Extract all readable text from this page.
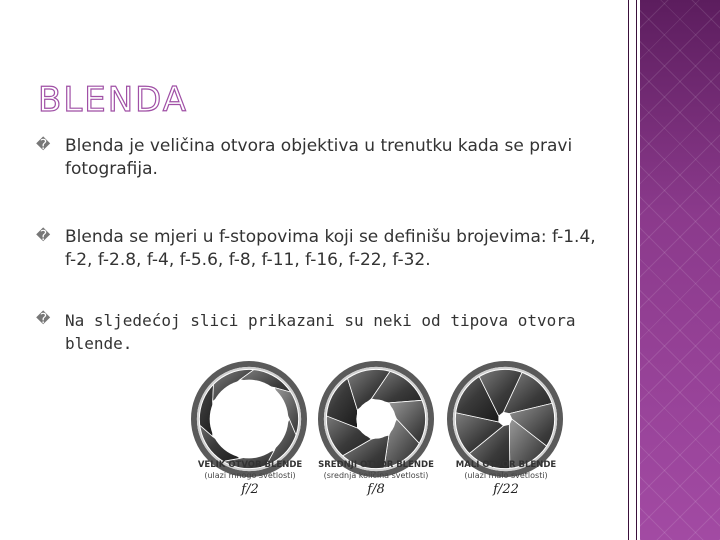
BLENDA
� Blenda je veličina otvora objektiva u trenutku kada se pravi fotografija.
� Blenda se mjeri u f-stopovima koji se definišu brojevima: f-1.4, f-2, f-2.8, f-4, f-5.6, f-8, f-11, f-16, f-22, f-32.
� Na sljedećoj slici prikazani su neki od tipova otvora blende.
VELIK OTVOR BLENDE
(ulazi mnogo svetlosti)
f/2
SREDNJI OTVOR BLENDE
(srednja količina svetlosti)
f/8
MALI OTVOR BLENDE
(ulazi malo svetlosti)
f/22
